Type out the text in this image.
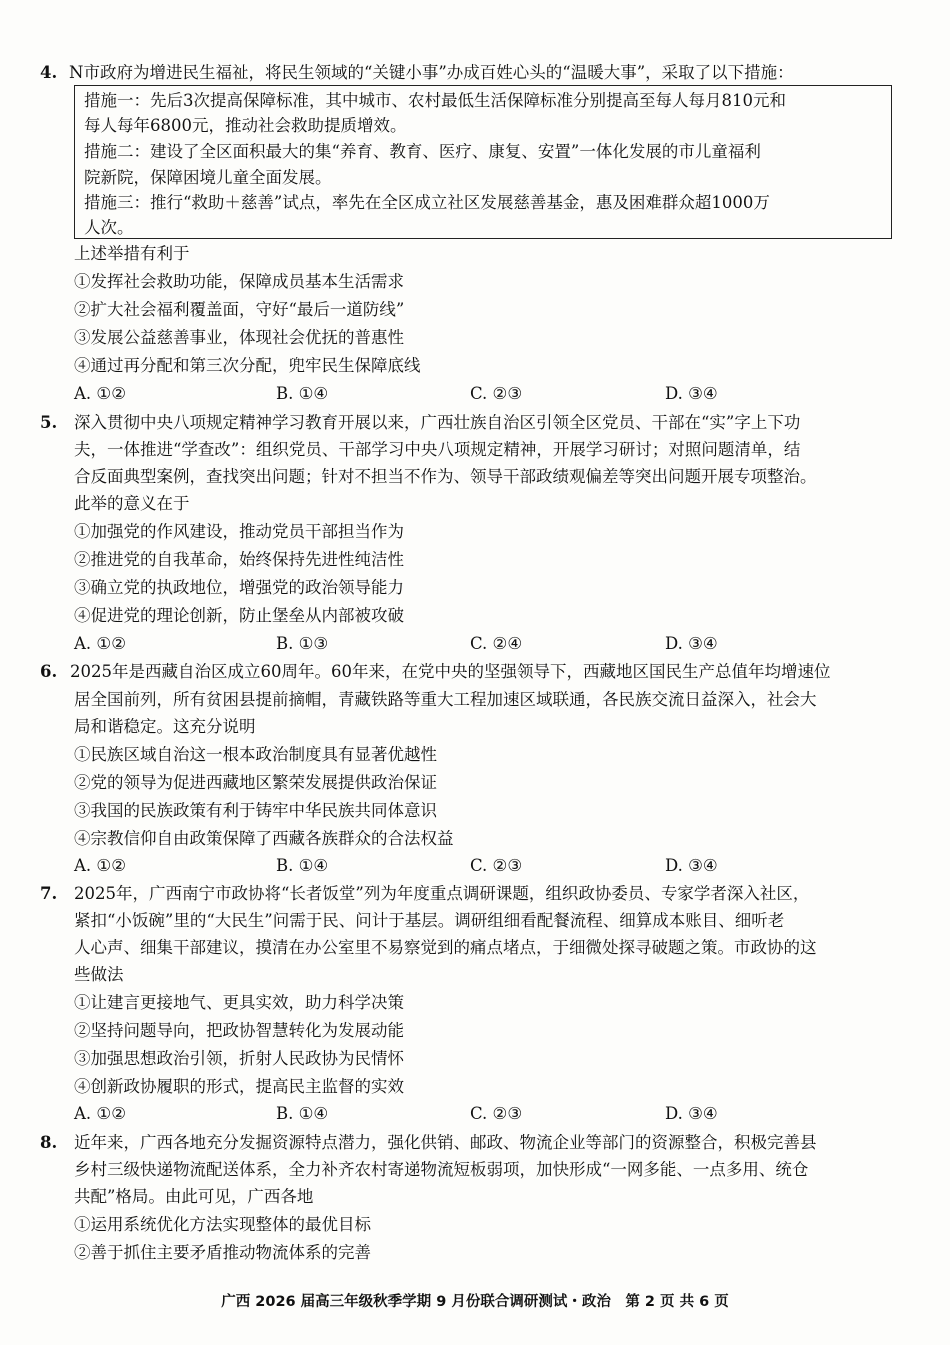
4. N市政府为增进民生福祉，将民生领域的“关键小事”办成百姓心头的“温暖大事”，采取了以下措施：
措施一：先后3次提高保障标准，其中城市、农村最低生活保障标准分别提高至每人每月810元和
每人每年6800元，推动社会救助提质增效。
措施二：建设了全区面积最大的集“养育、教育、医疗、康复、安置”一体化发展的市儿童福利
院新院，保障困境儿童全面发展。
措施三：推行“救助＋慈善”试点，率先在全区成立社区发展慈善基金，惠及困难群众超1000万
人次。
上述举措有利于
①发挥社会救助功能，保障成员基本生活需求
②扩大社会福利覆盖面，守好“最后一道防线”
③发展公益慈善事业，体现社会优抚的普惠性
④通过再分配和第三次分配，兜牢民生保障底线
A. ①②	B. ①④	C. ②③	D. ③④
5. 深入贯彻中央八项规定精神学习教育开展以来，广西壮族自治区引领全区党员、干部在“实”字上下功
夫，一体推进“学查改”：组织党员、干部学习中央八项规定精神，开展学习研讨；对照问题清单，结
合反面典型案例，查找突出问题；针对不担当不作为、领导干部政绩观偏差等突出问题开展专项整治。
此举的意义在于
①加强党的作风建设，推动党员干部担当作为
②推进党的自我革命，始终保持先进性纯洁性
③确立党的执政地位，增强党的政治领导能力
④促进党的理论创新，防止堡垒从内部被攻破
A. ①②	B. ①③	C. ②④	D. ③④
6. 2025年是西藏自治区成立60周年。60年来，在党中央的坚强领导下，西藏地区国民生产总值年均增速位
居全国前列，所有贫困县提前摘帽，青藏铁路等重大工程加速区域联通，各民族交流日益深入，社会大
局和谐稳定。这充分说明
①民族区域自治这一根本政治制度具有显著优越性
②党的领导为促进西藏地区繁荣发展提供政治保证
③我国的民族政策有利于铸牢中华民族共同体意识
④宗教信仰自由政策保障了西藏各族群众的合法权益
A. ①②	B. ①④	C. ②③	D. ③④
7. 2025年，广西南宁市政协将“长者饭堂”列为年度重点调研课题，组织政协委员、专家学者深入社区，
紧扣“小饭碗”里的“大民生”问需于民、问计于基层。调研组细看配餐流程、细算成本账目、细听老
人心声、细集干部建议，摸清在办公室里不易察觉到的痛点堵点，于细微处探寻破题之策。市政协的这
些做法
①让建言更接地气、更具实效，助力科学决策
②坚持问题导向，把政协智慧转化为发展动能
③加强思想政治引领，折射人民政协为民情怀
④创新政协履职的形式，提高民主监督的实效
A. ①②	B. ①④	C. ②③	D. ③④
8. 近年来，广西各地充分发掘资源特点潜力，强化供销、邮政、物流企业等部门的资源整合，积极完善县
乡村三级快递物流配送体系，全力补齐农村寄递物流短板弱项，加快形成“一网多能、一点多用、统仓
共配”格局。由此可见，广西各地
①运用系统优化方法实现整体的最优目标
②善于抓住主要矛盾推动物流体系的完善
广西 2026 届高三年级秋季学期 9 月份联合调研测试・政治　第 2 页 共 6 页
